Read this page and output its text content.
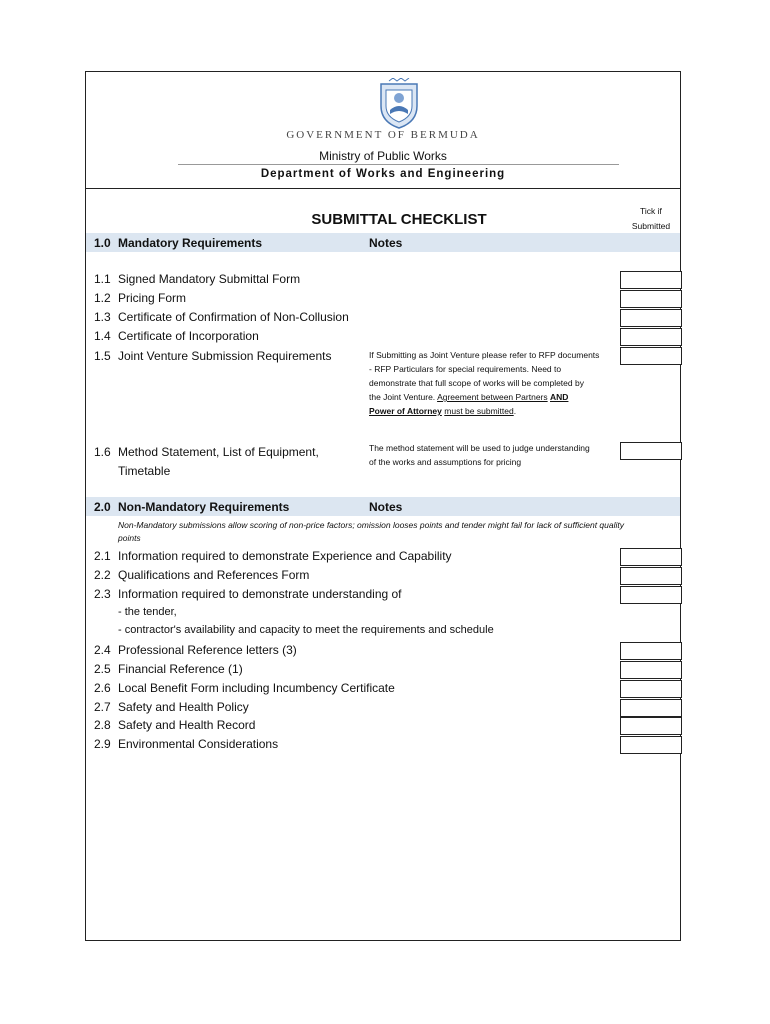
GOVERNMENT OF BERMUDA
Ministry of Public Works
Department of Works and Engineering
SUBMITTAL CHECKLIST	Tick if
Submitted
1.0 Mandatory Requirements	Notes
1.1 Signed Mandatory Submittal Form
1.2 Pricing Form
1.3 Certificate of Confirmation of Non-Collusion
1.4 Certificate of Incorporation
1.5 Joint Venture Submission Requirements	If Submitting as Joint Venture please refer to RFP documents
- RFP Particulars for special requirements. Need to
demonstrate that full scope of works will be completed by
the Joint Venture. Agreement between Partners AND
Power of Attorney must be submitted.
1.6 Method Statement, List of Equipment,
Timetable
The method statement will be used to judge understanding
of the works and assumptions for pricing
2.0 Non-Mandatory Requirements	Notes
Non-Mandatory submissions allow scoring of non-price factors; omission looses points and tender might fail for lack of sufficient quality
points
2.1 Information required to demonstrate Experience and Capability
2.2 Qualifications and References Form
2.3 Information required to demonstrate understanding of
- the tender,
- contractor's availability and capacity to meet the requirements and schedule
2.4 Professional Reference letters (3)
2.5 Financial Reference (1)
2.6 Local Benefit Form including Incumbency Certificate
2.7 Safety and Health Policy
2.8 Safety and Health Record
2.9 Environmental Considerations
